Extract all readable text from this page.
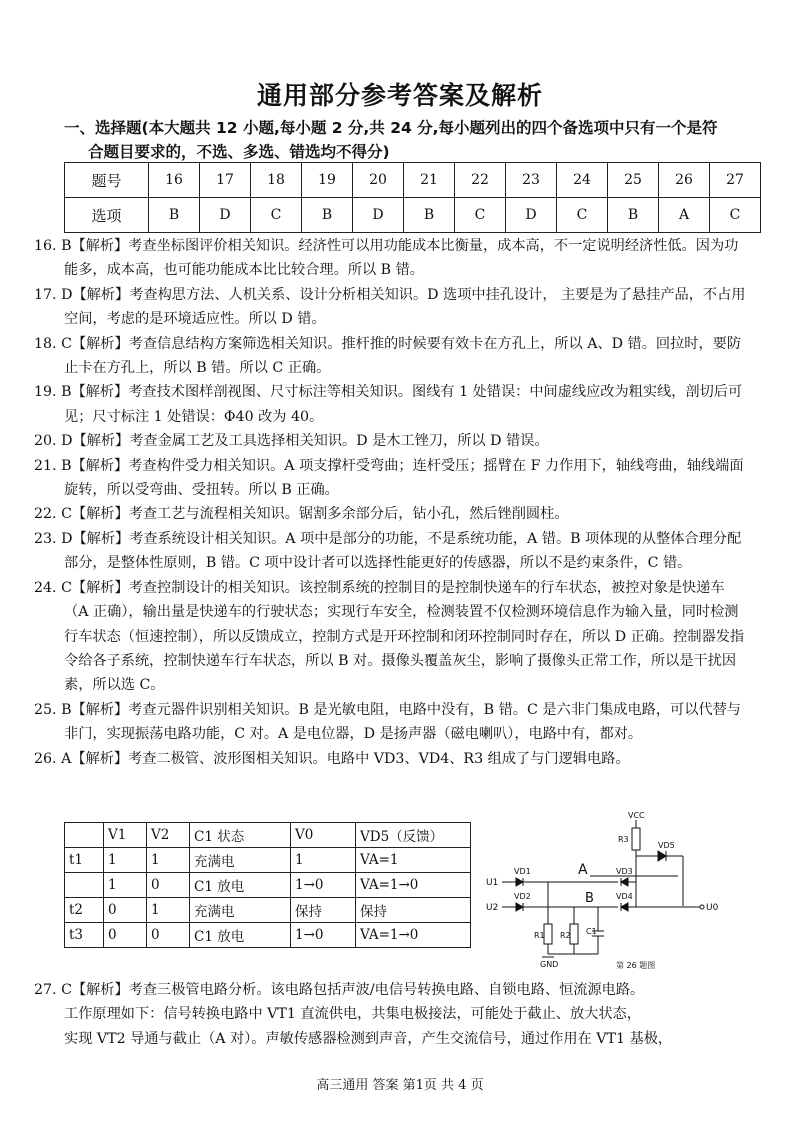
通用部分参考答案及解析
一、选择题(本大题共 12 小题,每小题 2 分,共 24 分,每小题列出的四个备选项中只有一个是符
合题目要求的，不选、多选、错选均不得分)
题号	16	17	18	19	20	21	22	23	24	25	26	27
选项	B	D	C	B	D	B	C	D	C	B	A	C

16. B【解析】考查坐标图评价相关知识。经济性可以用功能成本比衡量，成本高，不一定说明经济性低。因为功能多，成本高，也可能功能成本比比较合理。所以 B 错。

17. D【解析】考查构思方法、人机关系、设计分析相关知识。D 选项中挂孔设计， 主要是为了悬挂产品，不占用空间，考虑的是环境适应性。所以 D 错。

18. C【解析】考查信息结构方案筛选相关知识。推杆推的时候要有效卡在方孔上，所以 A、D 错。回拉时，要防止卡在方孔上，所以 B 错。所以 C 正确。

19. B【解析】考查技术图样剖视图、尺寸标注等相关知识。图线有 1 处错误：中间虚线应改为粗实线，剖切后可见；尺寸标注 1 处错误：Φ40 改为 40。

20. D【解析】考查金属工艺及工具选择相关知识。D 是木工锉刀，所以 D 错误。

21. B【解析】考查构件受力相关知识。A 项支撑杆受弯曲；连杆受压；摇臂在 F 力作用下，轴线弯曲，轴线端面旋转，所以受弯曲、受扭转。所以 B 正确。

22. C【解析】考查工艺与流程相关知识。锯割多余部分后，钻小孔，然后锉削圆柱。

23. D【解析】考查系统设计相关知识。A 项中是部分的功能，不是系统功能，A 错。B 项体现的从整体合理分配部分，是整体性原则，B 错。C 项中设计者可以选择性能更好的传感器，所以不是约束条件，C 错。

24. C【解析】考查控制设计的相关知识。该控制系统的控制目的是控制快递车的行车状态，被控对象是快递车（A 正确），输出量是快递车的行驶状态；实现行车安全，检测装置不仅检测环境信息作为输入量，同时检测行车状态（恒速控制），所以反馈成立，控制方式是开环控制和闭环控制同时存在，所以 D 正确。控制器发指令给各子系统，控制快递车行车状态，所以 B 对。摄像头覆盖灰尘，影响了摄像头正常工作，所以是干扰因素，所以选 C。

25. B【解析】考查元器件识别相关知识。B 是光敏电阻，电路中没有，B 错。C 是六非门集成电路，可以代替与非门，实现振荡电路功能，C 对。A 是电位器，D 是扬声器（磁电喇叭），电路中有，都对。

26. A【解析】考查二极管、波形图相关知识。电路中 VD3、VD4、R3 组成了与门逻辑电路。

	V1	V2	C1 状态	V0	VD5（反馈）
t1	1	1	充满电	1	VA=1
	1	0	C1 放电	1→0	VA=1→0
t2	0	1	充满电	保持	保持
t3	0	0	C1 放电	1→0	VA=1→0
VCC
R3
A
VD5
U1
VD1	VD3
U2
VD2	VD4
B
U0
R1 R2 C1
GND	第 26 题图
27. C【解析】考查三极管电路分析。该电路包括声波/电信号转换电路、自锁电路、恒流源电路。
工作原理如下：信号转换电路中 VT1 直流供电，共集电极接法，可能处于截止、放大状态，
实现 VT2 导通与截止（A 对）。声敏传感器检测到声音，产生交流信号，通过作用在 VT1 基极，
高三通用 答案 第1页 共 4 页
